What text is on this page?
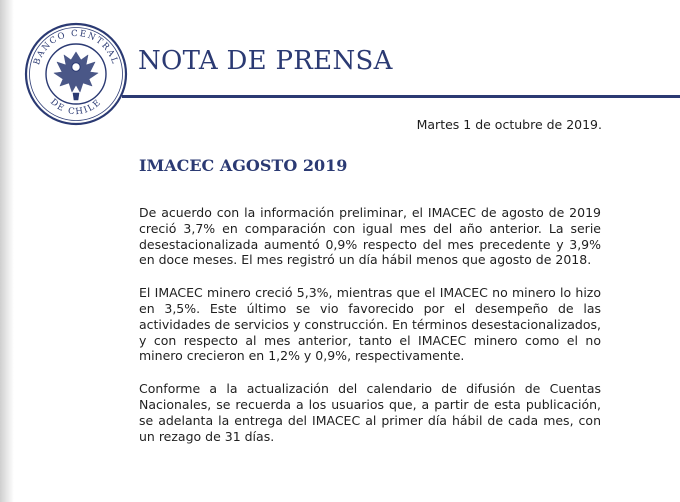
BANCO CENTRAL
DE CHILE
NOTA DE PRENSA
Martes 1 de octubre de 2019.
IMACEC AGOSTO 2019

De acuerdo con la información preliminar, el IMACEC de agosto de 2019 creció 3,7% en comparación con igual mes del año anterior. La serie desestacionalizada aumentó 0,9% respecto del mes precedente y 3,9% en doce meses. El mes registró un día hábil menos que agosto de 2018.

El IMACEC minero creció 5,3%, mientras que el IMACEC no minero lo hizo en 3,5%. Este último se vio favorecido por el desempeño de las actividades de servicios y construcción. En términos desestacionalizados, y con respecto al mes anterior, tanto el IMACEC minero como el no minero crecieron en 1,2% y 0,9%, respectivamente.

Conforme a la actualización del calendario de difusión de Cuentas Nacionales, se recuerda a los usuarios que, a partir de esta publicación, se adelanta la entrega del IMACEC al primer día hábil de cada mes, con un rezago de 31 días.
